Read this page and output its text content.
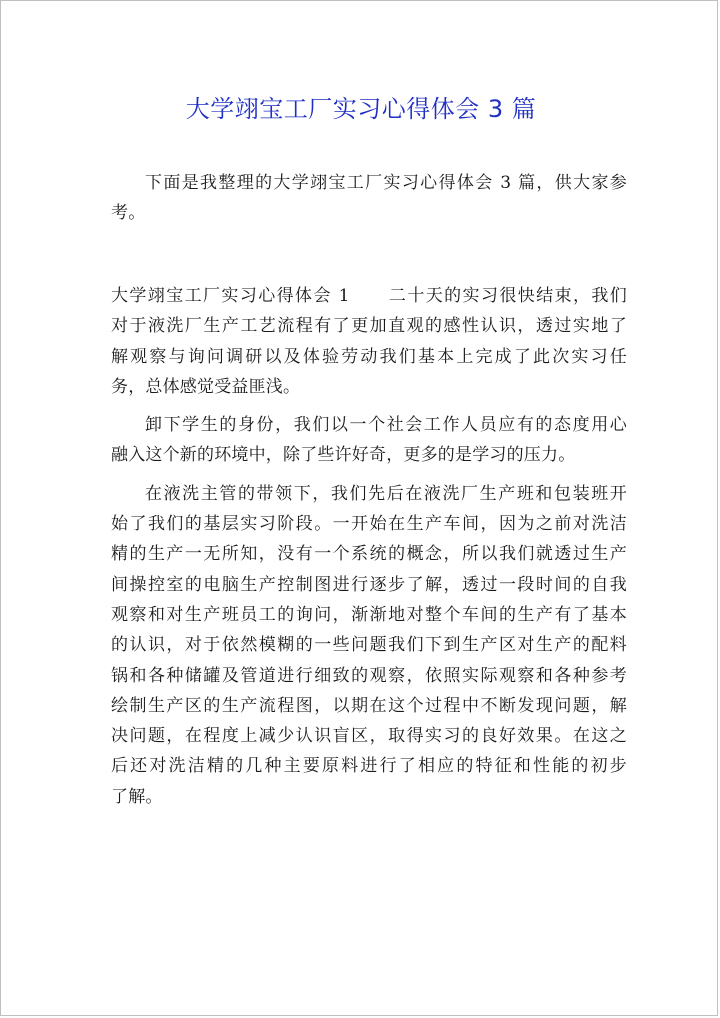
大学翊宝工厂实习心得体会 3 篇
下面是我整理的大学翊宝工厂实习心得体会 3 篇，供大家参
考。
大学翊宝工厂实习心得体会 1 二十天的实习很快结束，我们
对于液洗厂生产工艺流程有了更加直观的感性认识，透过实地了
解观察与询问调研以及体验劳动我们基本上完成了此次实习任
务，总体感觉受益匪浅。
卸下学生的身份，我们以一个社会工作人员应有的态度用心
融入这个新的环境中，除了些许好奇，更多的是学习的压力。
在液洗主管的带领下，我们先后在液洗厂生产班和包装班开
始了我们的基层实习阶段。一开始在生产车间，因为之前对洗洁
精的生产一无所知，没有一个系统的概念，所以我们就透过生产
间操控室的电脑生产控制图进行逐步了解，透过一段时间的自我
观察和对生产班员工的询问，渐渐地对整个车间的生产有了基本
的认识，对于依然模糊的一些问题我们下到生产区对生产的配料
锅和各种储罐及管道进行细致的观察，依照实际观察和各种参考
绘制生产区的生产流程图，以期在这个过程中不断发现问题，解
决问题，在程度上减少认识盲区，取得实习的良好效果。在这之
后还对洗洁精的几种主要原料进行了相应的特征和性能的初步
了解。
